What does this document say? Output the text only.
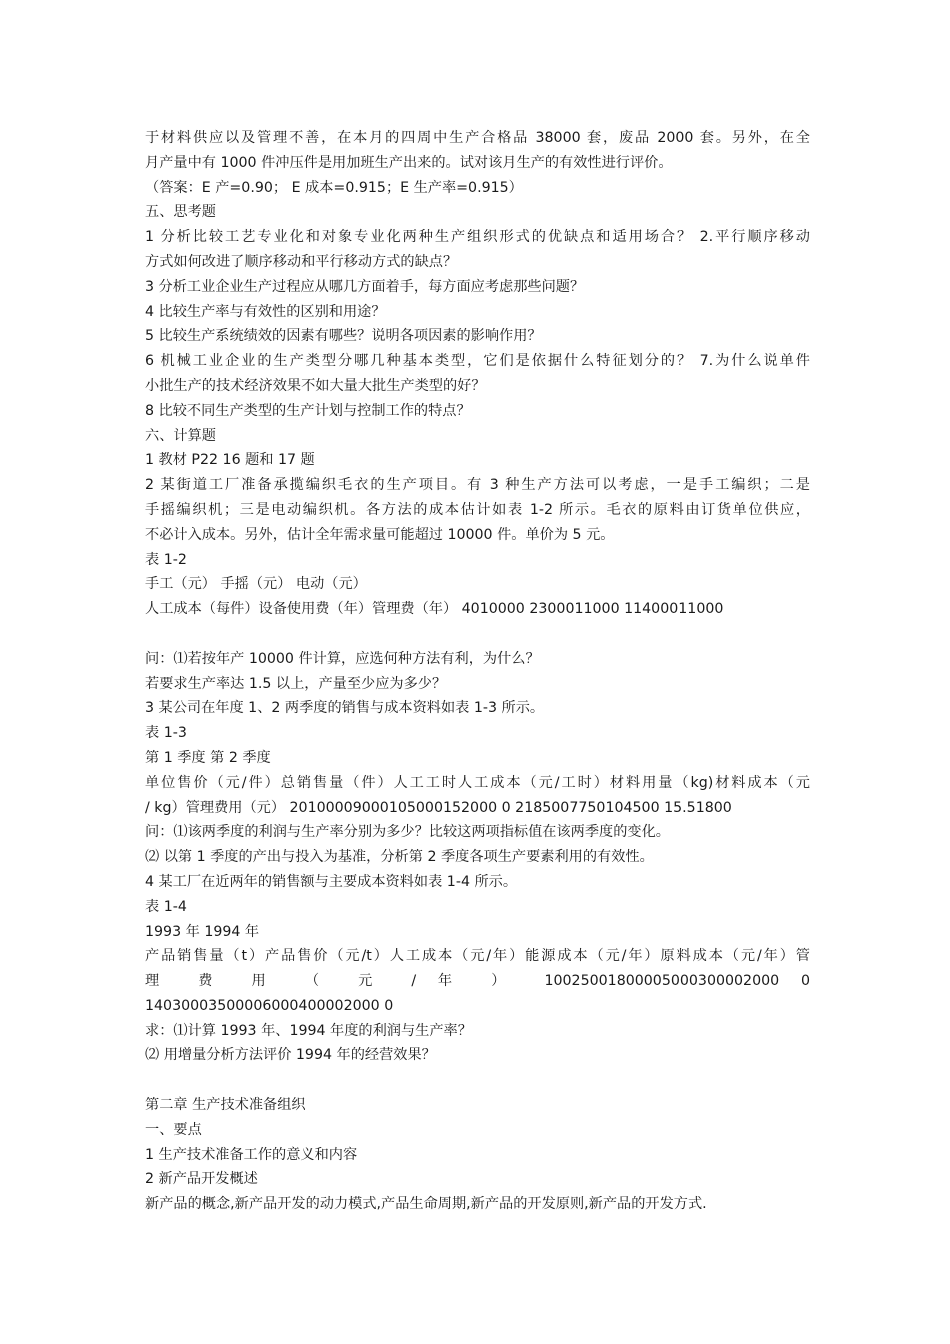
于材料供应以及管理不善，在本月的四周中生产合格品 38000 套，废品 2000 套。另外，在全
月产量中有 1000 件冲压件是用加班生产出来的。试对该月生产的有效性进行评价。
（答案：E 产=0.90； E 成本=0.915；E 生产率=0.915）
五、思考题
1 分析比较工艺专业化和对象专业化两种生产组织形式的优缺点和适用场合？ 2.平行顺序移动
方式如何改进了顺序移动和平行移动方式的缺点？
3 分析工业企业生产过程应从哪几方面着手，每方面应考虑那些问题？
4 比较生产率与有效性的区别和用途？
5 比较生产系统绩效的因素有哪些？说明各项因素的影响作用？
6 机械工业企业的生产类型分哪几种基本类型，它们是依据什么特征划分的？ 7.为什么说单件
小批生产的技术经济效果不如大量大批生产类型的好？
8 比较不同生产类型的生产计划与控制工作的特点？
六、计算题
1 教材 P22 16 题和 17 题
2 某街道工厂准备承揽编织毛衣的生产项目。有 3 种生产方法可以考虑，一是手工编织；二是
手摇编织机；三是电动编织机。各方法的成本估计如表 1-2 所示。毛衣的原料由订货单位供应，
不必计入成本。另外，估计全年需求量可能超过 10000 件。单价为 5 元。
表 1-2
手工（元） 手摇（元） 电动（元）
人工成本（每件）设备使用费（年）管理费（年） 4010000 2300011000 11400011000
问：⑴若按年产 10000 件计算，应选何种方法有利，为什么？
若要求生产率达 1.5 以上，产量至少应为多少？
3 某公司在年度 1、2 两季度的销售与成本资料如表 1-3 所示。
表 1-3
第 1 季度 第 2 季度
单位售价（元/件）总销售量（件）人工工时人工成本（元/工时）材料用量（kg)材料成本（元
/ kg）管理费用（元） 20100009000105000152000 0 2185007750104500 15.51800
问：⑴该两季度的利润与生产率分别为多少？比较这两项指标值在该两季度的变化。
⑵ 以第 1 季度的产出与投入为基准，分析第 2 季度各项生产要素利用的有效性。
4 某工厂在近两年的销售额与主要成本资料如表 1-4 所示。
表 1-4
1993 年 1994 年
产品销售量（t）产品售价（元/t）人工成本（元/年）能源成本（元/年）原料成本（元/年）管
理 费 用 （ 元 / 年 ） 10025001800005000300002000 0
14030003500006000400002000 0
求：⑴计算 1993 年、1994 年度的利润与生产率？
⑵ 用增量分析方法评价 1994 年的经营效果？
第二章 生产技术准备组织
一、要点
1 生产技术准备工作的意义和内容
2 新产品开发概述
新产品的概念,新产品开发的动力模式,产品生命周期,新产品的开发原则,新产品的开发方式.
